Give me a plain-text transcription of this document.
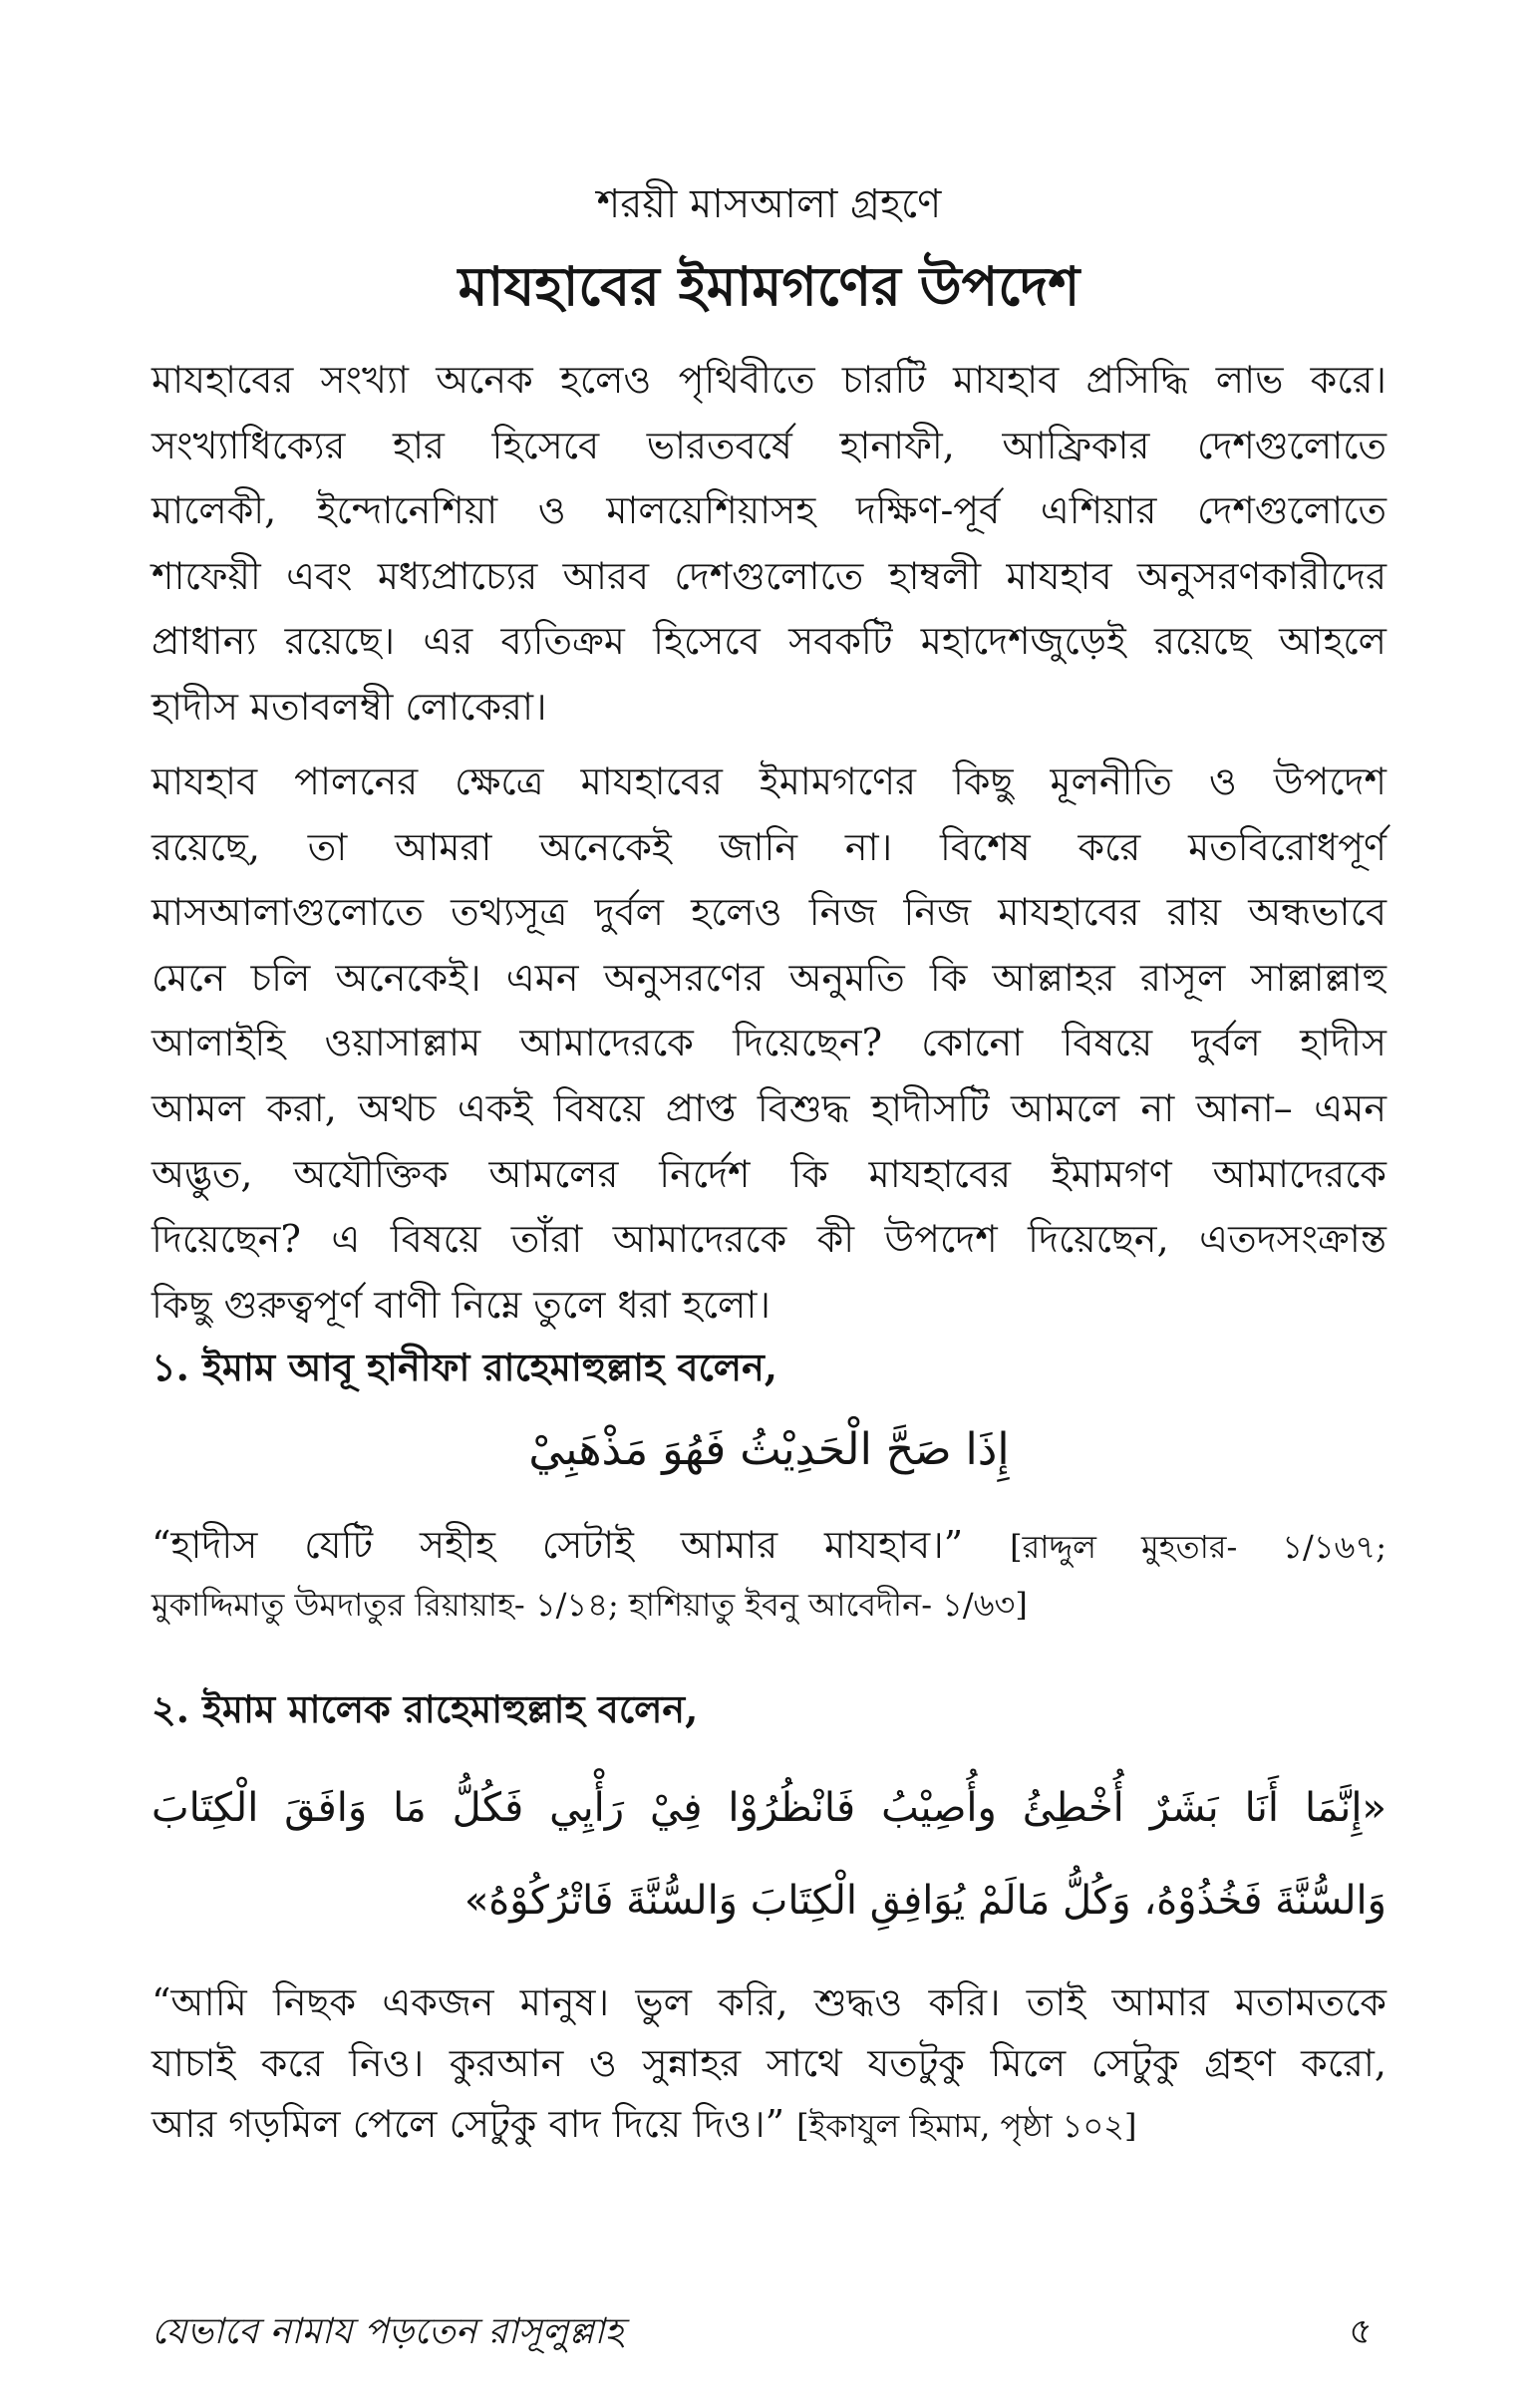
শরয়ী মাসআলা গ্রহণে
মাযহাবের ইমামগণের উপদেশ
মাযহাবের সংখ্যা অনেক হলেও পৃথিবীতে চারটি মাযহাব প্রসিদ্ধি লাভ করে।
সংখ্যাধিক্যের হার হিসেবে ভারতবর্ষে হানাফী, আফ্রিকার দেশগুলোতে
মালেকী, ইন্দোনেশিয়া ও মালয়েশিয়াসহ দক্ষিণ-পূর্ব এশিয়ার দেশগুলোতে
শাফেয়ী এবং মধ্যপ্রাচ্যের আরব দেশগুলোতে হাম্বলী মাযহাব অনুসরণকারীদের
প্রাধান্য রয়েছে। এর ব্যতিক্রম হিসেবে সবকটি মহাদেশজুড়েই রয়েছে আহলে
হাদীস মতাবলম্বী লোকেরা।
মাযহাব পালনের ক্ষেত্রে মাযহাবের ইমামগণের কিছু মূলনীতি ও উপদেশ
রয়েছে, তা আমরা অনেকেই জানি না। বিশেষ করে মতবিরোধপূর্ণ
মাসআলাগুলোতে তথ্যসূত্র দুর্বল হলেও নিজ নিজ মাযহাবের রায় অন্ধভাবে
মেনে চলি অনেকেই। এমন অনুসরণের অনুমতি কি আল্লাহর রাসূল সাল্লাল্লাহু
আলাইহি ওয়াসাল্লাম আমাদেরকে দিয়েছেন? কোনো বিষয়ে দুর্বল হাদীস
আমল করা, অথচ একই বিষয়ে প্রাপ্ত বিশুদ্ধ হাদীসটি আমলে না আনা– এমন
অদ্ভুত, অযৌক্তিক আমলের নির্দেশ কি মাযহাবের ইমামগণ আমাদেরকে
দিয়েছেন? এ বিষয়ে তাঁরা আমাদেরকে কী উপদেশ দিয়েছেন, এতদসংক্রান্ত
কিছু গুরুত্বপূর্ণ বাণী নিম্নে তুলে ধরা হলো।
১. ইমাম আবূ হানীফা রাহেমাহুল্লাহ বলেন,
إِذَا صَحَّ الْحَدِيْثُ فَهُوَ مَذْهَبِيْ
“হাদীস যেটি সহীহ সেটাই আমার মাযহাব।” [রাদ্দুল মুহতার- ১/১৬৭;
মুকাদ্দিমাতু উমদাতুর রিয়ায়াহ- ১/১৪; হাশিয়াতু ইবনু আবেদীন- ১/৬৩]
২. ইমাম মালেক রাহেমাহুল্লাহ বলেন,
«إِنَّمَا أَنَا بَشَرٌ أُخْطِئُ وأُصِيْبُ فَانْظُرُوْا فِيْ رَأْيِي فَكُلُّ مَا وَافَقَ الْكِتَابَ
وَالسُّنَّةَ فَخُذُوْهُ، وَكُلُّ مَالَمْ يُوَافِقِ الْكِتَابَ وَالسُّنَّةَ فَاتْرُكُوْهُ»
“আমি নিছক একজন মানুষ। ভুল করি, শুদ্ধও করি। তাই আমার মতামতকে
যাচাই করে নিও। কুরআন ও সুন্নাহর সাথে যতটুকু মিলে সেটুকু গ্রহণ করো,
আর গড়মিল পেলে সেটুকু বাদ দিয়ে দিও।” [ইকাযুল হিমাম, পৃষ্ঠা ১০২]
যেভাবে নামায পড়তেন রাসূলুল্লাহ	৫
